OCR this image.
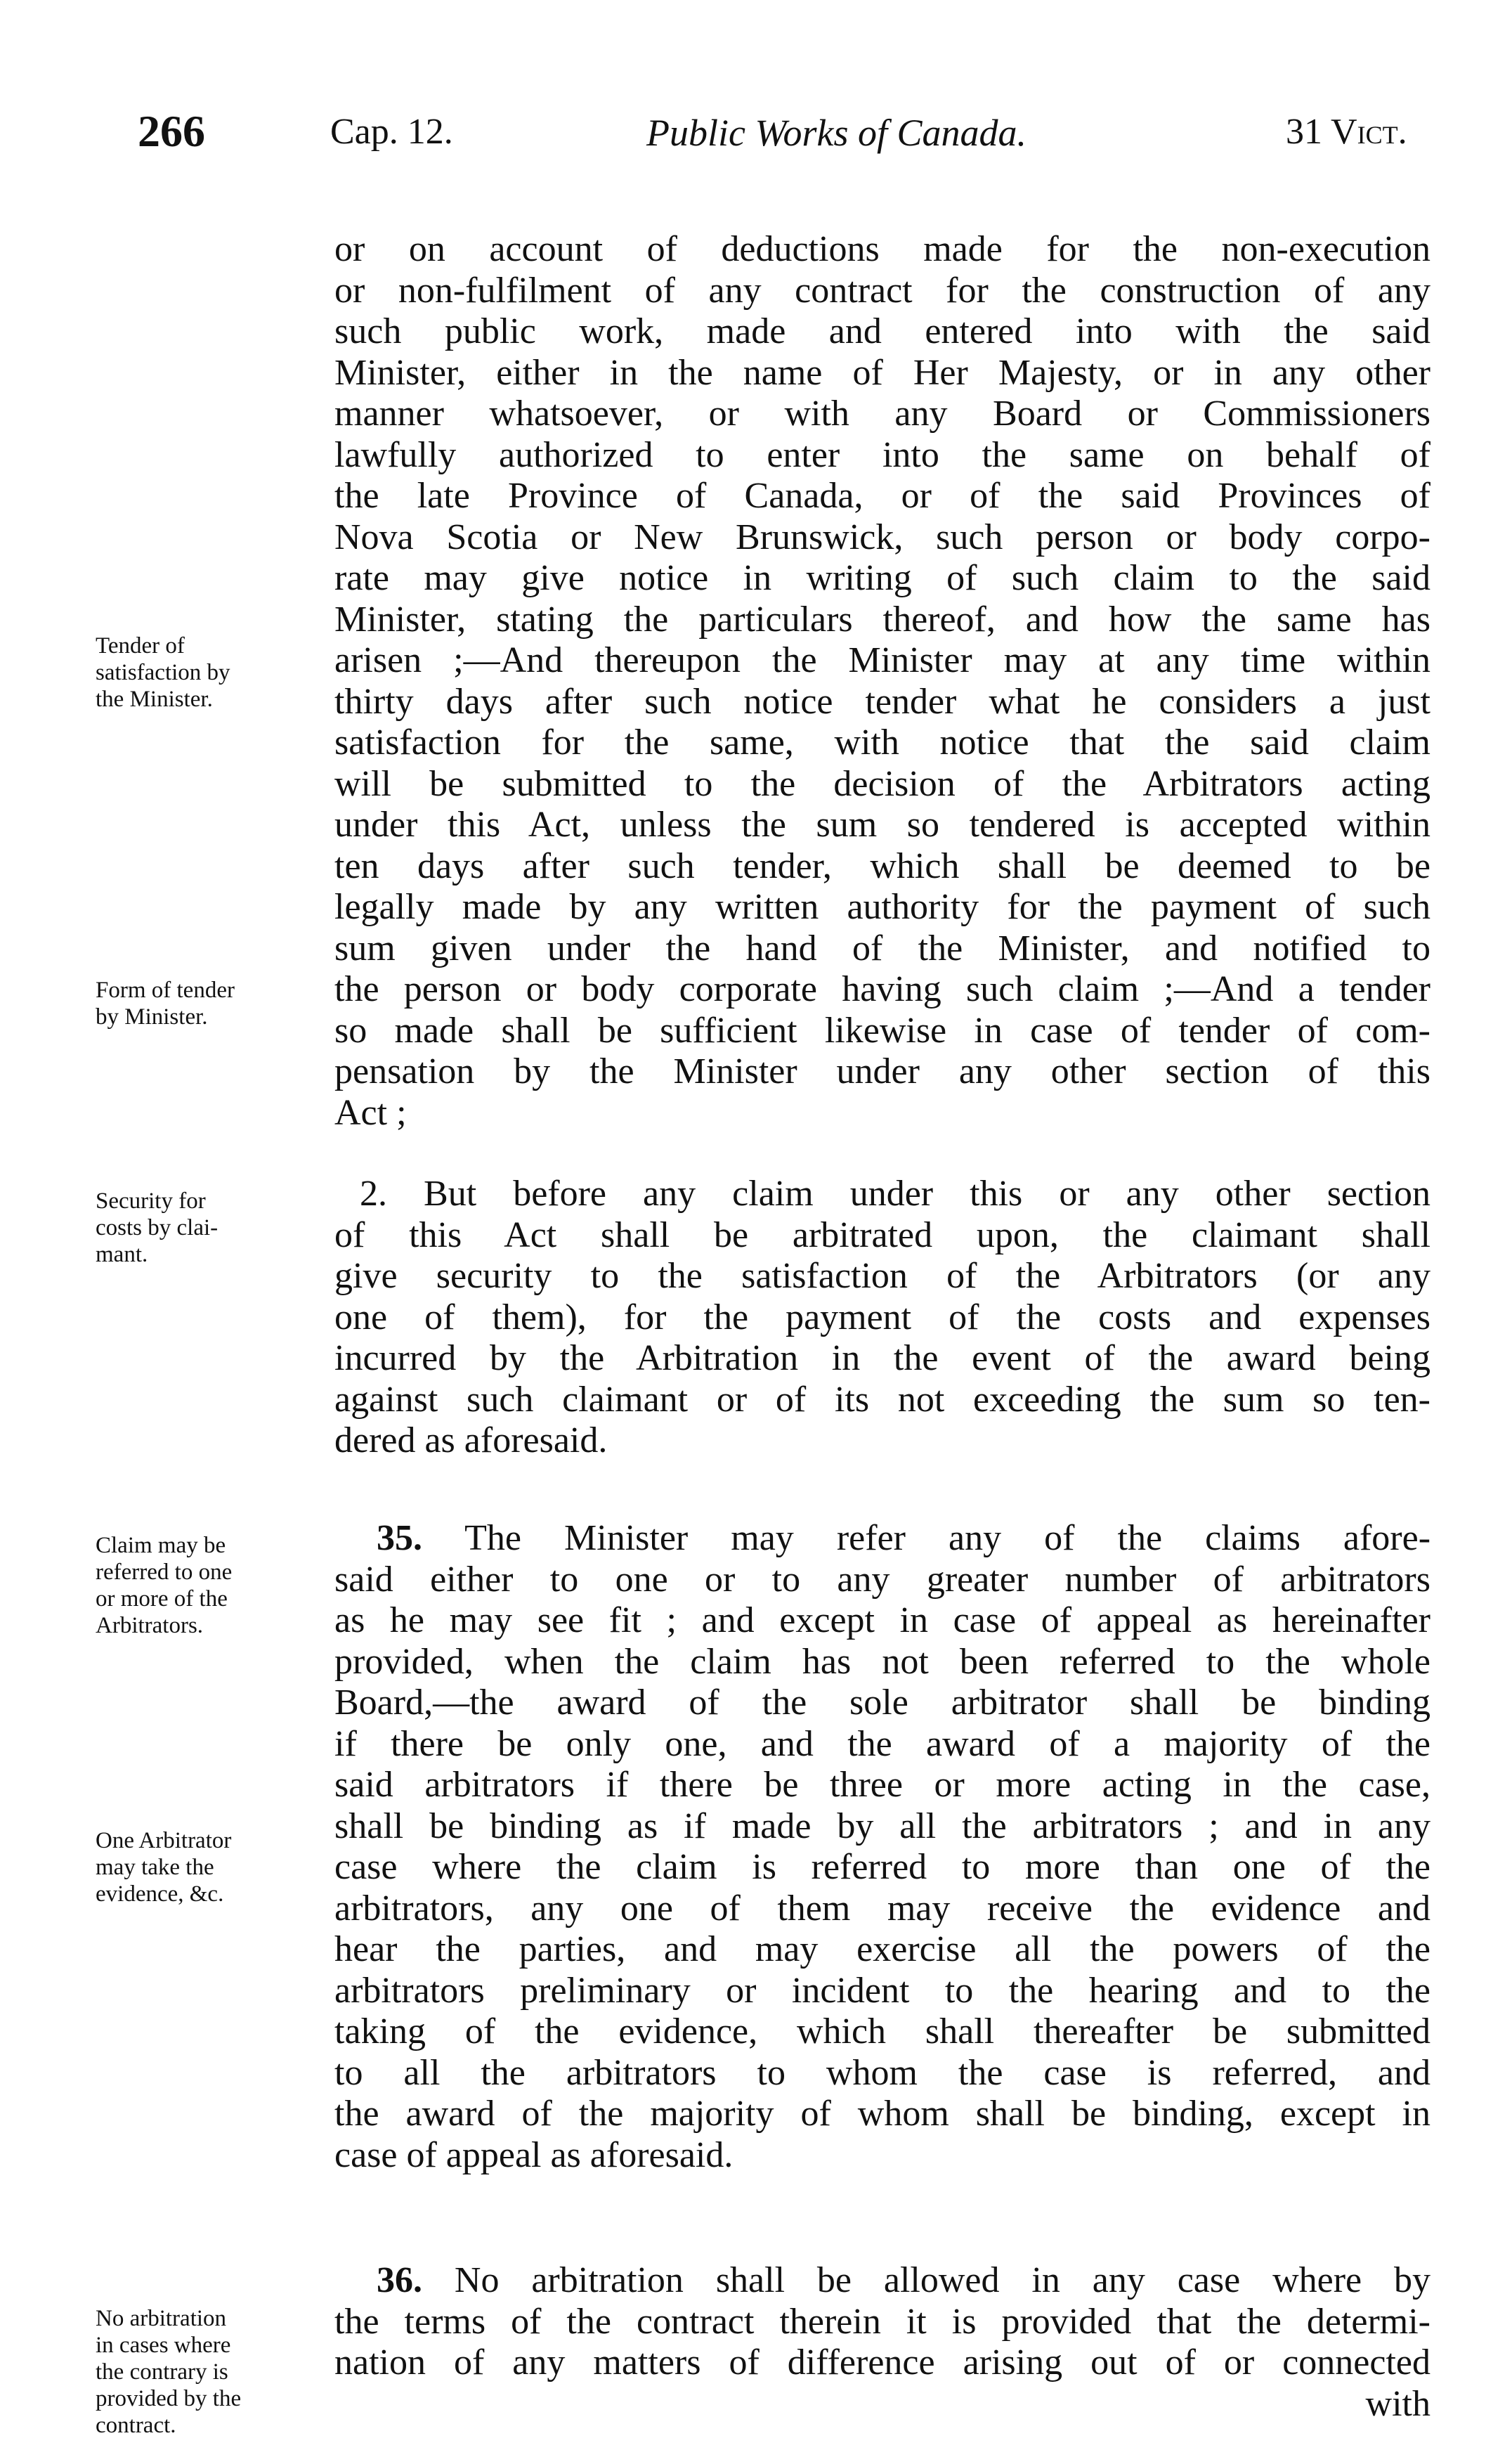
266	Cap. 12.	Public Works of Canada.	31 Vict.
Tender of
satisfaction by
the Minister.
Form of tender
by Minister.
Security for
costs by clai-
mant.
Claim may be
referred to one
or more of the
Arbitrators.
One Arbitrator
may take the
evidence, &c.
No arbitration
in cases where
the contrary is
provided by the
contract.
or on account of deductions made for the non-execution
or non-fulfilment of any contract for the construction of any
such public work, made and entered into with the said
Minister, either in the name of Her Majesty, or in any other
manner whatsoever, or with any Board or Commissioners
lawfully authorized to enter into the same on behalf of
the late Province of Canada, or of the said Provinces of
Nova Scotia or New Brunswick, such person or body corpo-
rate may give notice in writing of such claim to the said
Minister, stating the particulars thereof, and how the same has
arisen ;—And thereupon the Minister may at any time within
thirty days after such notice tender what he considers a just
satisfaction for the same, with notice that the said claim
will be submitted to the decision of the Arbitrators acting
under this Act, unless the sum so tendered is accepted within
ten days after such tender, which shall be deemed to be
legally made by any written authority for the payment of such
sum given under the hand of the Minister, and notified to
the person or body corporate having such claim ;—And a tender
so made shall be sufficient likewise in case of tender of com-
pensation by the Minister under any other section of this
Act ;
2. But before any claim under this or any other section
of this Act shall be arbitrated upon, the claimant shall
give security to the satisfaction of the Arbitrators (or any
one of them), for the payment of the costs and expenses
incurred by the Arbitration in the event of the award being
against such claimant or of its not exceeding the sum so ten-
dered as aforesaid.
35. The Minister may refer any of the claims afore-
said either to one or to any greater number of arbitrators
as he may see fit ; and except in case of appeal as hereinafter
provided, when the claim has not been referred to the whole
Board,—the award of the sole arbitrator shall be binding
if there be only one, and the award of a majority of the
said arbitrators if there be three or more acting in the case,
shall be binding as if made by all the arbitrators ; and in any
case where the claim is referred to more than one of the
arbitrators, any one of them may receive the evidence and
hear the parties, and may exercise all the powers of the
arbitrators preliminary or incident to the hearing and to the
taking of the evidence, which shall thereafter be submitted
to all the arbitrators to whom the case is referred, and
the award of the majority of whom shall be binding, except in
case of appeal as aforesaid.
36. No arbitration shall be allowed in any case where by
the terms of the contract therein it is provided that the determi-
nation of any matters of difference arising out of or connected
with
